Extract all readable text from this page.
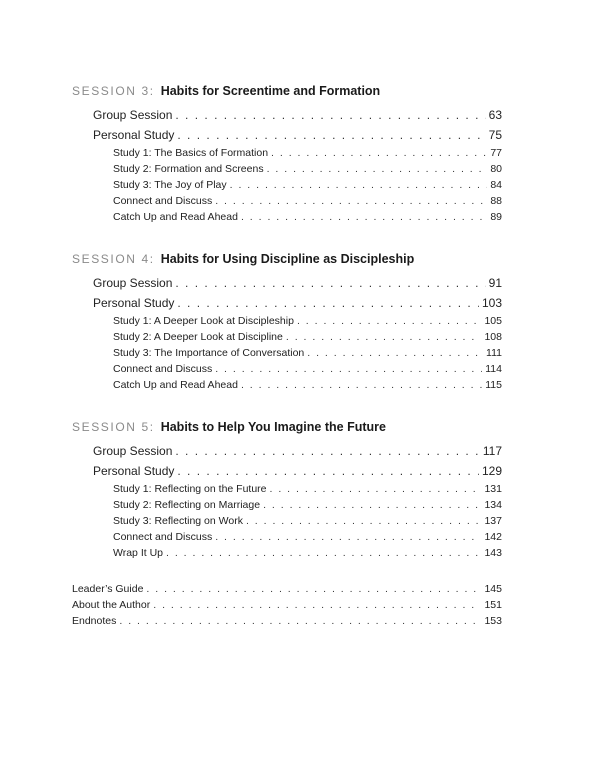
SESSION 3: Habits for Screentime and Formation
Group Session . . .	63
Personal Study . . .	75
Study 1: The Basics of Formation . . .	77
Study 2: Formation and Screens . . .	80
Study 3: The Joy of Play . . .	84
Connect and Discuss . . .	88
Catch Up and Read Ahead . . .	89
SESSION 4: Habits for Using Discipline as Discipleship
Group Session . . .	91
Personal Study . . .	103
Study 1: A Deeper Look at Discipleship . . .	105
Study 2: A Deeper Look at Discipline . . .	108
Study 3: The Importance of Conversation . . .	111
Connect and Discuss . . .	114
Catch Up and Read Ahead . . .	115
SESSION 5: Habits to Help You Imagine the Future
Group Session . . .	117
Personal Study . . .	129
Study 1: Reflecting on the Future . . .	131
Study 2: Reflecting on Marriage . . .	134
Study 3: Reflecting on Work . . .	137
Connect and Discuss . . .	142
Wrap It Up . . .	143
Leader’s Guide . . .	145
About the Author . . .	151
Endnotes . . .	153
